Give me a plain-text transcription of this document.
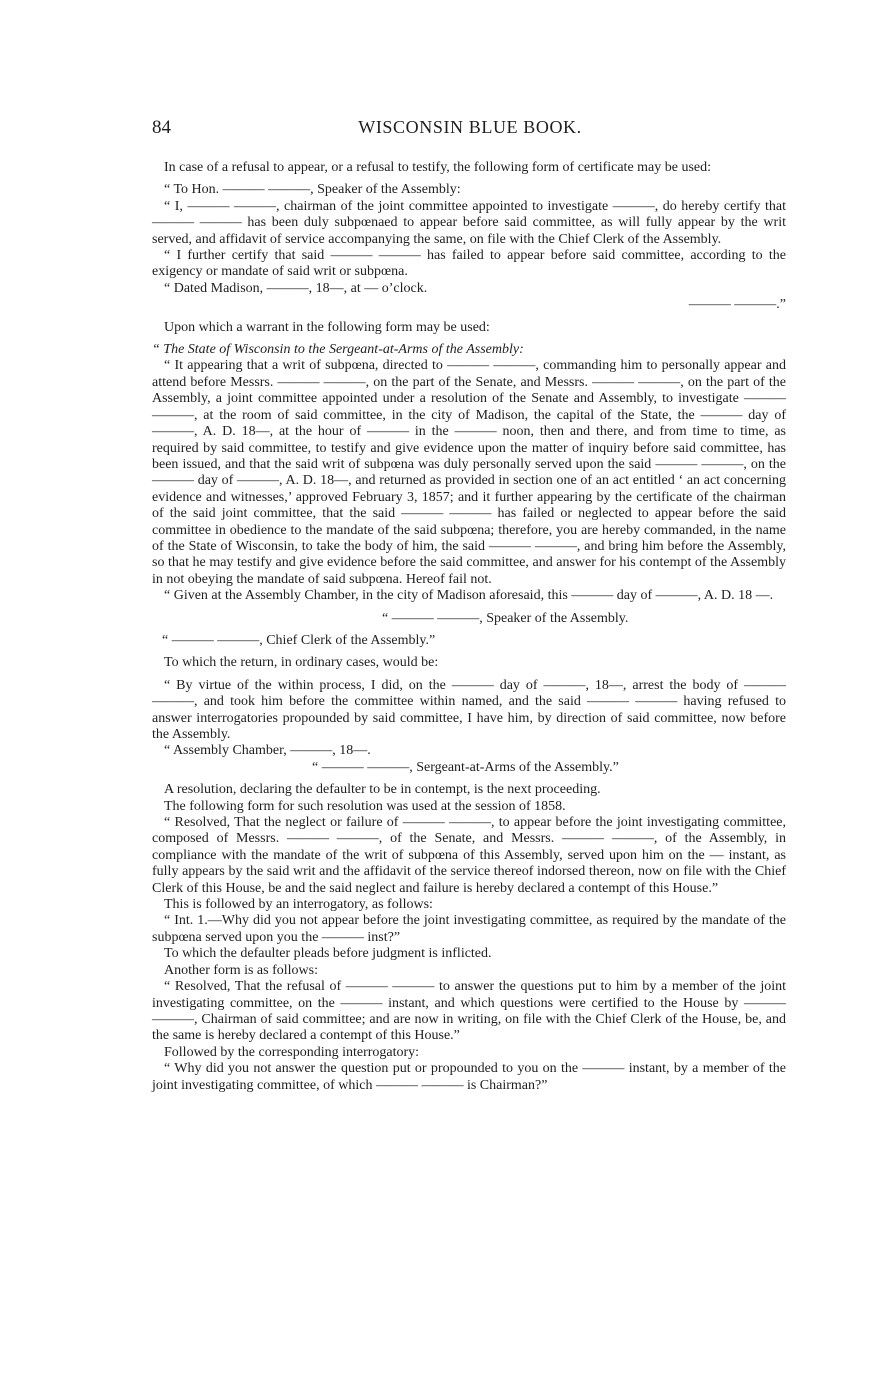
84	WISCONSIN BLUE BOOK.

In case of a refusal to appear, or a refusal to testify, the following form of certificate may be used:

“ To Hon. ——— ———, Speaker of the Assembly:

“ I, ——— ———, chairman of the joint committee appointed to investigate ———, do hereby certify that ——— ——— has been duly subpœnaed to appear before said committee, as will fully appear by the writ served, and affidavit of service accompanying the same, on file with the Chief Clerk of the Assembly.

“ I further certify that said ——— ——— has failed to appear before said committee, according to the exigency or mandate of said writ or subpœna.

“ Dated Madison, ———, 18—, at — o’clock.

——— ———.”

Upon which a warrant in the following form may be used:

“ The State of Wisconsin to the Sergeant-at-Arms of the Assembly:

“ It appearing that a writ of subpœna, directed to ——— ———, commanding him to personally appear and attend before Messrs. ——— ———, on the part of the Senate, and Messrs. ——— ———, on the part of the Assembly, a joint committee appointed under a resolution of the Senate and Assembly, to investigate ——— ———, at the room of said committee, in the city of Madison, the capital of the State, the ——— day of ———, A. D. 18—, at the hour of ——— in the ——— noon, then and there, and from time to time, as required by said committee, to testify and give evidence upon the matter of inquiry before said committee, has been issued, and that the said writ of subpœna was duly personally served upon the said ——— ———, on the ——— day of ———, A. D. 18—, and returned as provided in section one of an act entitled ‘ an act concerning evidence and witnesses,’ approved February 3, 1857; and it further appearing by the certificate of the chairman of the said joint committee, that the said ——— ——— has failed or neglected to appear before the said committee in obedience to the mandate of the said subpœna; therefore, you are hereby commanded, in the name of the State of Wisconsin, to take the body of him, the said ——— ———, and bring him before the Assembly, so that he may testify and give evidence before the said committee, and answer for his contempt of the Assembly in not obeying the mandate of said subpœna. Hereof fail not.

“ Given at the Assembly Chamber, in the city of Madison aforesaid, this ——— day of ———, A. D. 18 —.

“ ——— ———, Speaker of the Assembly.

“ ——— ———, Chief Clerk of the Assembly.”

To which the return, in ordinary cases, would be:

“ By virtue of the within process, I did, on the ——— day of ———, 18—, arrest the body of ——— ———, and took him before the committee within named, and the said ——— ——— having refused to answer interrogatories propounded by said committee, I have him, by direction of said committee, now before the Assembly.

“ Assembly Chamber, ———, 18—.

“ ——— ———, Sergeant-at-Arms of the Assembly.”

A resolution, declaring the defaulter to be in contempt, is the next proceeding.

The following form for such resolution was used at the session of 1858.

“ Resolved, That the neglect or failure of ——— ———, to appear before the joint investigating committee, composed of Messrs. ——— ———, of the Senate, and Messrs. ——— ———, of the Assembly, in compliance with the mandate of the writ of subpœna of this Assembly, served upon him on the — instant, as fully appears by the said writ and the affidavit of the service thereof indorsed thereon, now on file with the Chief Clerk of this House, be and the said neglect and failure is hereby declared a contempt of this House.”

This is followed by an interrogatory, as follows:

“ Int. 1.—Why did you not appear before the joint investigating committee, as required by the mandate of the subpœna served upon you the ——— inst?”

To which the defaulter pleads before judgment is inflicted.

Another form is as follows:

“ Resolved, That the refusal of ——— ——— to answer the questions put to him by a member of the joint investigating committee, on the ——— instant, and which questions were certified to the House by ——— ———, Chairman of said committee; and are now in writing, on file with the Chief Clerk of the House, be, and the same is hereby declared a contempt of this House.”

Followed by the corresponding interrogatory:

“ Why did you not answer the question put or propounded to you on the ——— instant, by a member of the joint investigating committee, of which ——— ——— is Chairman?”
